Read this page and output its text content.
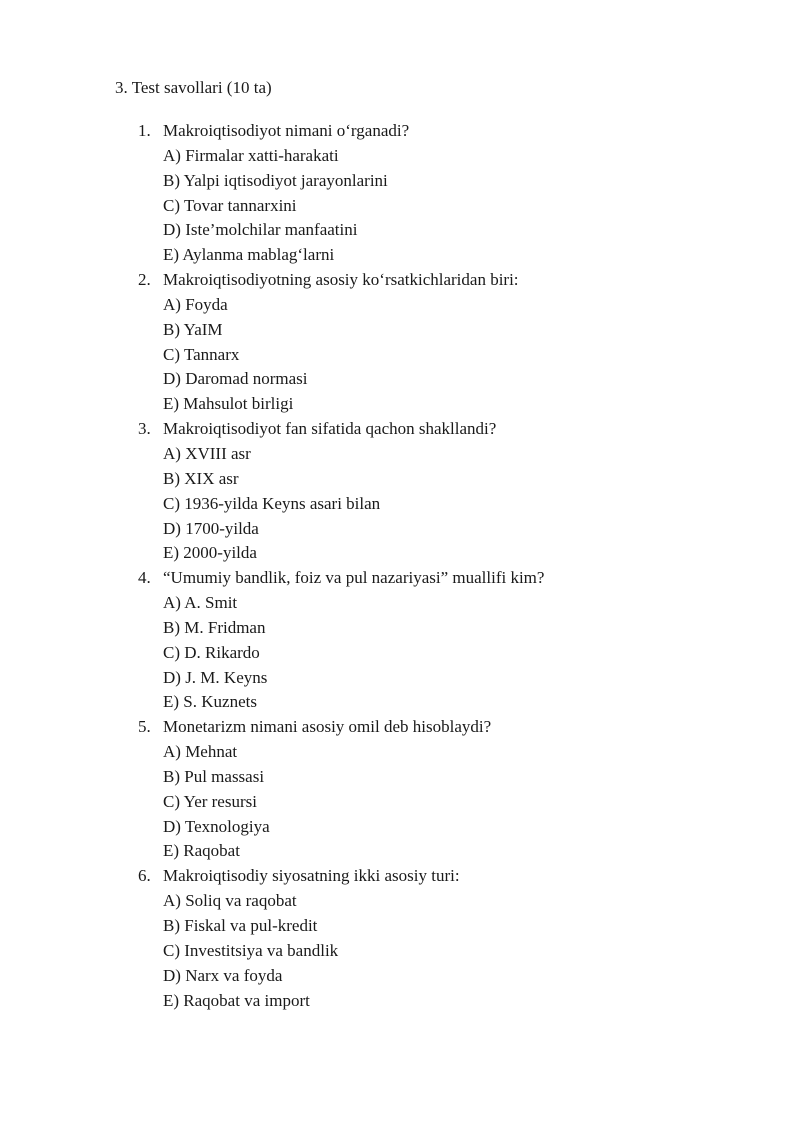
3. Test savollari (10 ta)
1. Makroiqtisodiyot nimani o‘rganadi?
A) Firmalar xatti-harakati
B) Yalpi iqtisodiyot jarayonlarini
C) Tovar tannarxini
D) Iste’molchilar manfaatini
E) Aylanma mablag‘larni
2. Makroiqtisodiyotning asosiy ko‘rsatkichlaridan biri:
A) Foyda
B) YaIM
C) Tannarx
D) Daromad normasi
E) Mahsulot birligi
3. Makroiqtisodiyot fan sifatida qachon shakllandi?
A) XVIII asr
B) XIX asr
C) 1936-yilda Keyns asari bilan
D) 1700-yilda
E) 2000-yilda
4. “Umumiy bandlik, foiz va pul nazariyasi” muallifi kim?
A) A. Smit
B) M. Fridman
C) D. Rikardo
D) J. M. Keyns
E) S. Kuznets
5. Monetarizm nimani asosiy omil deb hisoblaydi?
A) Mehnat
B) Pul massasi
C) Yer resursi
D) Texnologiya
E) Raqobat
6. Makroiqtisodiy siyosatning ikki asosiy turi:
A) Soliq va raqobat
B) Fiskal va pul-kredit
C) Investitsiya va bandlik
D) Narx va foyda
E) Raqobat va import
